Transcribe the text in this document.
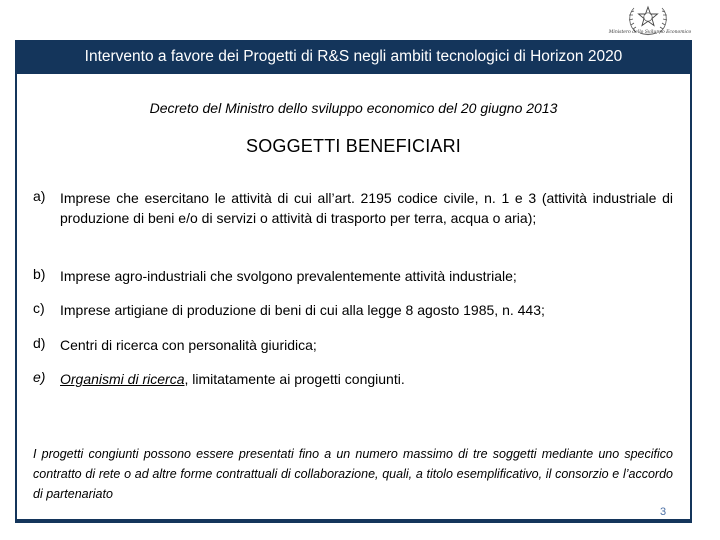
Ministero dello Sviluppo Economico
Intervento a favore dei Progetti di R&S negli ambiti tecnologici di Horizon 2020
Decreto del Ministro dello sviluppo economico del 20 giugno 2013
SOGGETTI BENEFICIARI
a) Imprese che esercitano le attività di cui all’art. 2195 codice civile, n. 1 e 3 (attività industriale di produzione di beni e/o di servizi o attività di trasporto per terra, acqua o aria);
b) Imprese agro-industriali che svolgono prevalentemente attività industriale;
c) Imprese artigiane di produzione di beni di cui alla legge 8 agosto 1985, n. 443;
d) Centri di ricerca con personalità giuridica;
e) Organismi di ricerca, limitatamente ai progetti congiunti.
I progetti congiunti possono essere presentati fino a un numero massimo di tre soggetti mediante uno specifico contratto di rete o ad altre forme contrattuali di collaborazione, quali, a titolo esemplificativo, il consorzio e l’accordo di partenariato
3
